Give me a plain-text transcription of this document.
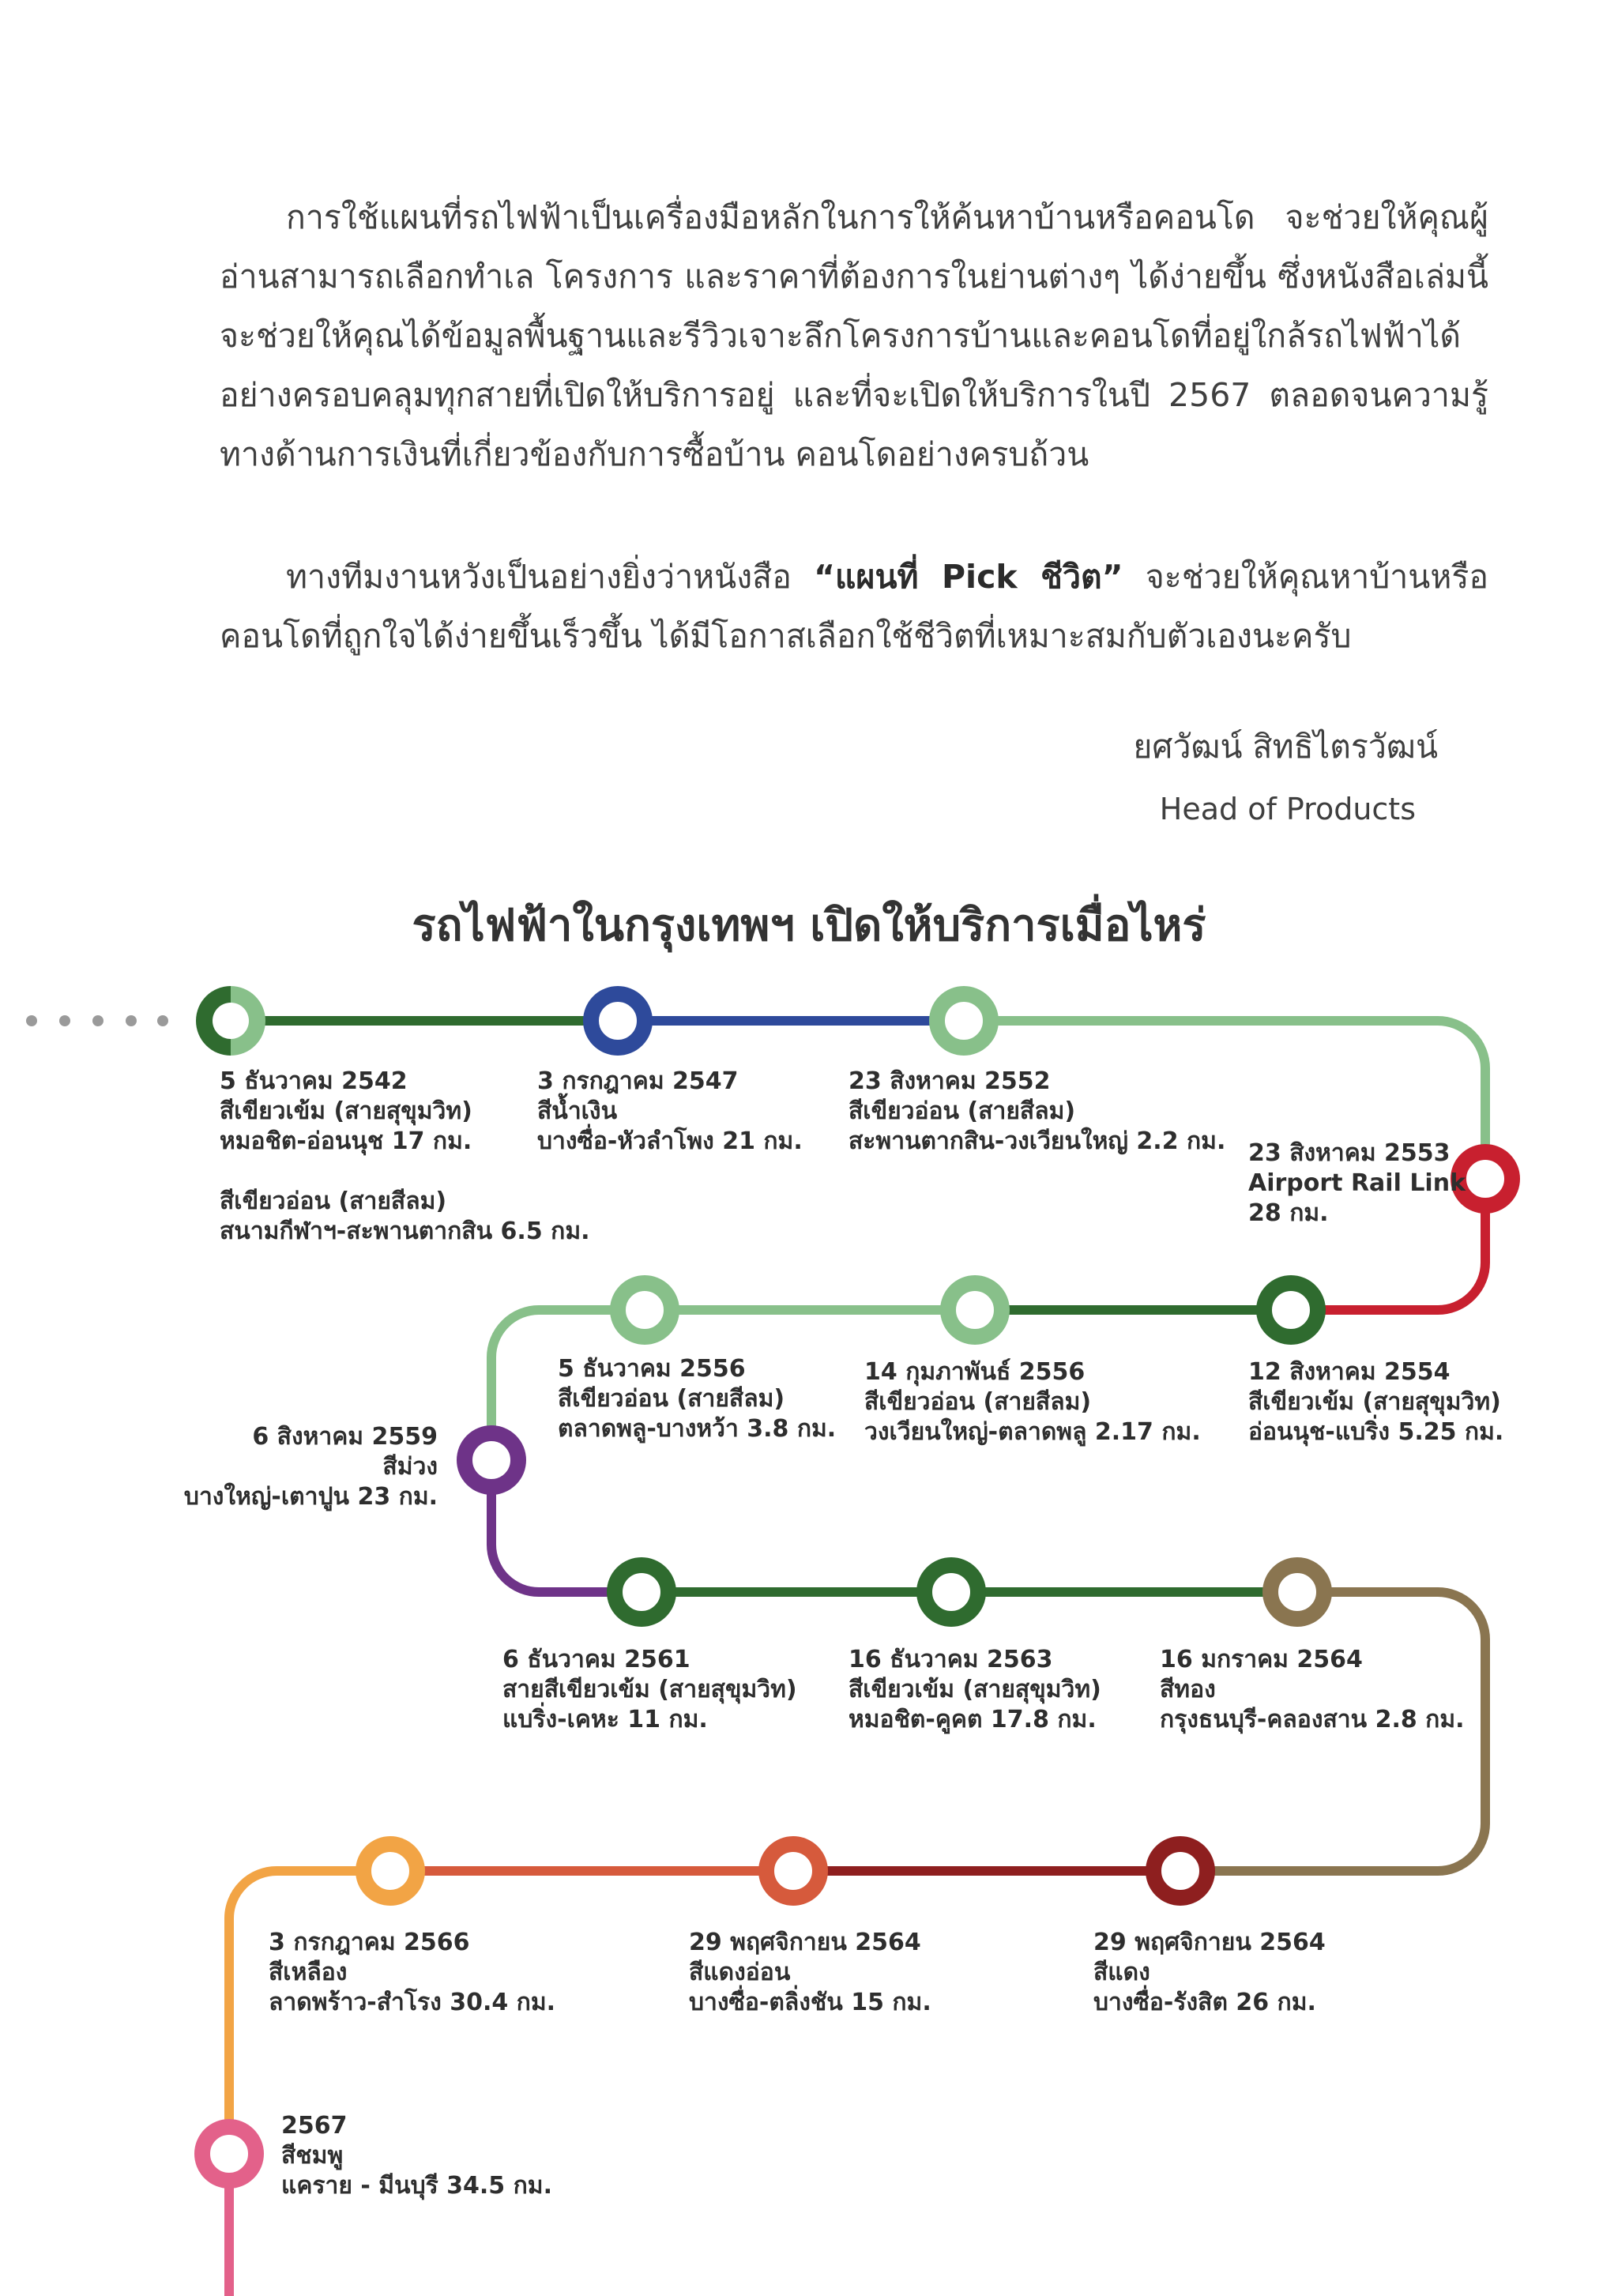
การใช้แผนที่รถไฟฟ้าเป็นเครื่องมือหลักในการให้ค้นหาบ้านหรือคอนโด จะช่วยให้คุณผู้อ่านสามารถเลือกทำเล โครงการ และราคาที่ต้องการในย่านต่างๆ ได้ง่ายขึ้น ซึ่งหนังสือเล่มนี้จะช่วยให้คุณได้ข้อมูลพื้นฐานและรีวิวเจาะลึกโครงการบ้านและคอนโดที่อยู่ใกล้รถไฟฟ้าได้อย่างครอบคลุมทุกสายที่เปิดให้บริการอยู่ และที่จะเปิดให้บริการในปี 2567 ตลอดจนความรู้ทางด้านการเงินที่เกี่ยวข้องกับการซื้อบ้าน คอนโดอย่างครบถ้วน

ทางทีมงานหวังเป็นอย่างยิ่งว่าหนังสือ “แผนที่ Pick ชีวิต” จะช่วยให้คุณหาบ้านหรือคอนโดที่ถูกใจได้ง่ายขึ้นเร็วขึ้น ได้มีโอกาสเลือกใช้ชีวิตที่เหมาะสมกับตัวเองนะครับ

ยศวัฒน์ สิทธิไตรวัฒน์
Head of Products
รถไฟฟ้าในกรุงเทพฯ เปิดให้บริการเมื่อไหร่
5 ธันวาคม 2542
สีเขียวเข้ม (สายสุขุมวิท)
หมอชิต-อ่อนนุช 17 กม.
สีเขียวอ่อน (สายสีลม)
สนามกีฬาฯ-สะพานตากสิน 6.5 กม.
3 กรกฎาคม 2547
สีน้ำเงิน
บางซื่อ-หัวลำโพง 21 กม.
23 สิงหาคม 2552
สีเขียวอ่อน (สายสีลม)
สะพานตากสิน-วงเวียนใหญ่ 2.2 กม. 23 สิงหาคม 2553
Airport Rail Link
28 กม.
12 สิงหาคม 2554
สีเขียวเข้ม (สายสุขุมวิท)
อ่อนนุช-แบริ่ง 5.25 กม.
14 กุมภาพันธ์ 2556
สีเขียวอ่อน (สายสีลม)
วงเวียนใหญ่-ตลาดพลู 2.17 กม.
5 ธันวาคม 2556
สีเขียวอ่อน (สายสีลม)
ตลาดพลู-บางหว้า 3.8 กม.
6 สิงหาคม 2559
สีม่วง
บางใหญ่-เตาปูน 23 กม.
6 ธันวาคม 2561
สายสีเขียวเข้ม (สายสุขุมวิท)
แบริ่ง-เคหะ 11 กม.
16 ธันวาคม 2563
สีเขียวเข้ม (สายสุขุมวิท)
หมอชิต-คูคต 17.8 กม.
16 มกราคม 2564
สีทอง
กรุงธนบุรี-คลองสาน 2.8 กม.
29 พฤศจิกายน 2564
สีแดง
บางซื่อ-รังสิต 26 กม.
29 พฤศจิกายน 2564
สีแดงอ่อน
บางซื่อ-ตลิ่งชัน 15 กม.
3 กรกฎาคม 2566
สีเหลือง
ลาดพร้าว-สำโรง 30.4 กม.
2567
สีชมพู
แคราย - มีนบุรี 34.5 กม.
